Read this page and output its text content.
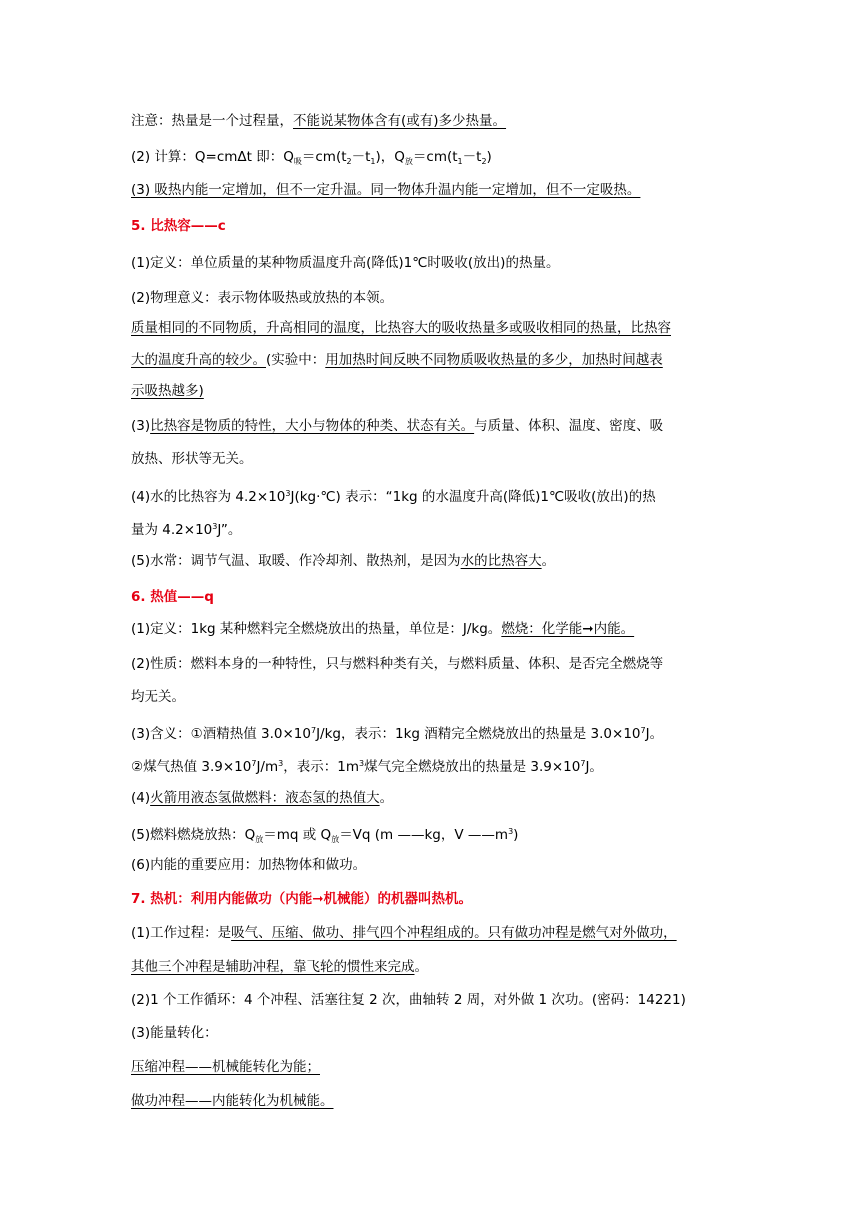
注意：热量是一个过程量，不能说某物体含有(或有)多少热量。
(2) 计算：Q=cmΔt 即：$Q_吸=cm(t_2-t_1)$，$Q_放=cm(t_1-t_2)$
(3) 吸热内能一定增加，但不一定升温。同一物体升温内能一定增加，但不一定吸热。
5. 比热容——c
(1)定义：单位质量的某种物质温度升高(降低)1℃时吸收(放出)的热量。
(2)物理意义：表示物体吸热或放热的本领。
质量相同的不同物质，升高相同的温度，比热容大的吸收热量多或吸收相同的热量，比热容
大的温度升高的较少。(实验中：用加热时间反映不同物质吸收热量的多少，加热时间越表
示吸热越多)
(3)比热容是物质的特性，大小与物体的种类、状态有关。与质量、体积、温度、密度、吸
放热、形状等无关。
(4)水的比热容为 $4.2\times 10^3J(kg\cdot℃)$ 表示：“1kg 的水温度升高(降低)1℃吸收(放出)的热
量为 $4.2\times 10^3J$”。
(5)水常：调节气温、取暖、作冷却剂、散热剂，是因为水的比热容大。
6. 热值——q
(1)定义：1kg 某种燃料完全燃烧放出的热量，单位是：J/kg。燃烧：化学能➞内能。
(2)性质：燃料本身的一种特性，只与燃料种类有关，与燃料质量、体积、是否完全燃烧等
均无关。
(3)含义：①酒精热值 $3.0\times 10^7J/kg$，表示：1kg 酒精完全燃烧放出的热量是 $3.0\times 10^7J$。
②煤气热值 $3.9\times 10^7J/m^3$，表示：$1m^3$煤气完全燃烧放出的热量是 $3.9\times 10^7J$。
(4)火箭用液态氢做燃料：液态氢的热值大。
(5)燃料燃烧放热：$Q_放=mq$ 或 $Q_放=Vq$ (m ——kg，V $——m^3$)
(6)内能的重要应用：加热物体和做功。
7. 热机：利用内能做功（内能➞机械能）的机器叫热机。
(1)工作过程：是吸气、压缩、做功、排气四个冲程组成的。只有做功冲程是燃气对外做功，
其他三个冲程是辅助冲程，靠飞轮的惯性来完成。
(2)1 个工作循环：4 个冲程、活塞往复 2 次，曲轴转 2 周，对外做 1 次功。(密码：14221)
(3)能量转化：
压缩冲程——机械能转化为能；
做功冲程——内能转化为机械能。
